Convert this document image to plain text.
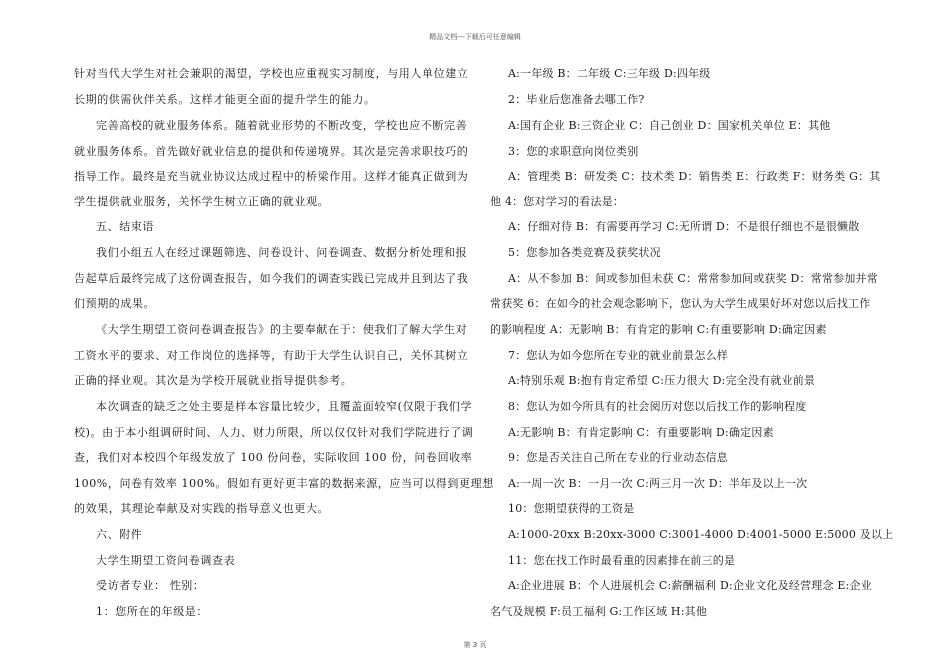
精品文档---下载后可任意编辑
针对当代大学生对社会兼职的渴望，学校也应重视实习制度，与用人单位建立
长期的供需伙伴关系。这样才能更全面的提升学生的能力。
完善高校的就业服务体系。随着就业形势的不断改变，学校也应不断完善
就业服务体系。首先做好就业信息的提供和传递境界。其次是完善求职技巧的
指导工作。最终是充当就业协议达成过程中的桥梁作用。这样才能真正做到为
学生提供就业服务，关怀学生树立正确的就业观。
五、结束语
我们小组五人在经过课题筛选、问卷设计、问卷调查、数据分析处理和报
告起草后最终完成了这份调查报告，如今我们的调查实践已完成并且到达了我
们预期的成果。
《大学生期望工资问卷调查报告》的主要奉献在于：使我们了解大学生对
工资水平的要求、对工作岗位的选择等，有助于大学生认识自己，关怀其树立
正确的择业观。其次是为学校开展就业指导提供参考。
本次调查的缺乏之处主要是样本容量比较少，且覆盖面较窄(仅限于我们学
校)。由于本小组调研时间、人力、财力所限，所以仅仅针对我们学院进行了调
查，我们对本校四个年级发放了 100 份问卷，实际收回 100 份，问卷回收率
100%，问卷有效率 100%。假如有更好更丰富的数据来源，应当可以得到更理想
的效果，其理论奉献及对实践的指导意义也更大。
六、附件
大学生期望工资问卷调查表
受访者专业： 性别：
1：您所在的年级是：
A:一年级 B：二年级 C:三年级 D:四年级
2：毕业后您准备去哪工作?
A:国有企业 B:三资企业 C：自己创业 D：国家机关单位 E：其他
3：您的求职意向岗位类别
A：管理类 B：研发类 C：技术类 D：销售类 E：行政类 F：财务类 G：其
他 4：您对学习的看法是：
A：仔细对待 B：有需要再学习 C:无所谓 D：不是很仔细也不是很懒散
5：您参加各类竞赛及获奖状况
A：从不参加 B：间或参加但未获 C：常常参加间或获奖 D：常常参加并常
常获奖 6：在如今的社会观念影响下，您认为大学生成果好坏对您以后找工作
的影响程度 A：无影响 B：有肯定的影响 C:有重要影响 D:确定因素
7：您认为如今您所在专业的就业前景怎么样
A:特别乐观 B:抱有肯定希望 C:压力很大 D:完全没有就业前景
8：您认为如今所具有的社会阅历对您以后找工作的影响程度
A:无影响 B：有肯定影响 C：有重要影响 D:确定因素
9：您是否关注自己所在专业的行业动态信息
A:一周一次 B：一月一次 C:两三月一次 D：半年及以上一次
10：您期望获得的工资是
A:1000-20xx B:20xx-3000 C:3001-4000 D:4001-5000 E:5000 及以上
11：您在找工作时最看重的因素排在前三的是
A:企业进展 B：个人进展机会 C:薪酬福利 D:企业文化及经营理念 E:企业
名气及规模 F:员工福利 G:工作区域 H:其他
第 3 页
